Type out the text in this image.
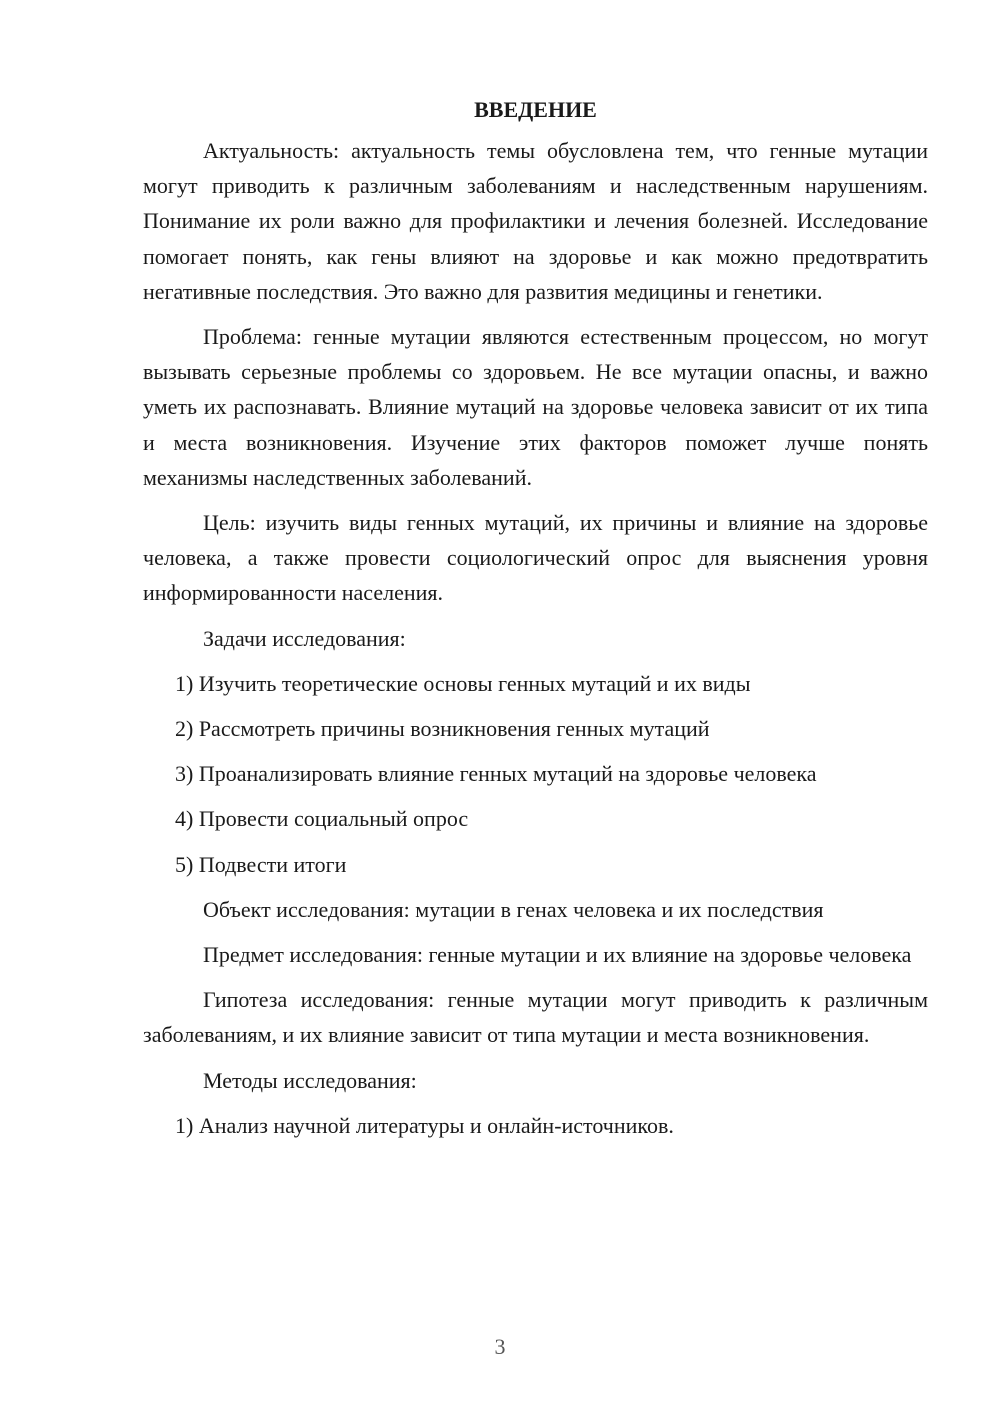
ВВЕДЕНИЕ

Актуальность: актуальность темы обусловлена тем, что генные мутации могут приводить к различным заболеваниям и наследственным нарушениям. Понимание их роли важно для профилактики и лечения болезней. Исследование помогает понять, как гены влияют на здоровье и как можно предотвратить негативные последствия. Это важно для развития медицины и генетики.

Проблема: генные мутации являются естественным процессом, но могут вызывать серьезные проблемы со здоровьем. Не все мутации опасны, и важно уметь их распознавать. Влияние мутаций на здоровье человека зависит от их типа и места возникновения. Изучение этих факторов поможет лучше понять механизмы наследственных заболеваний.

Цель: изучить виды генных мутаций, их причины и влияние на здоровье человека, а также провести социологический опрос для выяснения уровня информированности населения.

Задачи исследования:
1) Изучить теоретические основы генных мутаций и их виды
2) Рассмотреть причины возникновения генных мутаций
3) Проанализировать влияние генных мутаций на здоровье человека
4) Провести социальный опрос
5) Подвести итоги
Объект исследования: мутации в генах человека и их последствия

Предмет исследования: генные мутации и их влияние на здоровье человека

Гипотеза исследования: генные мутации могут приводить к различным заболеваниям, и их влияние зависит от типа мутации и места возникновения.

Методы исследования:
1) Анализ научной литературы и онлайн-источников.
3
